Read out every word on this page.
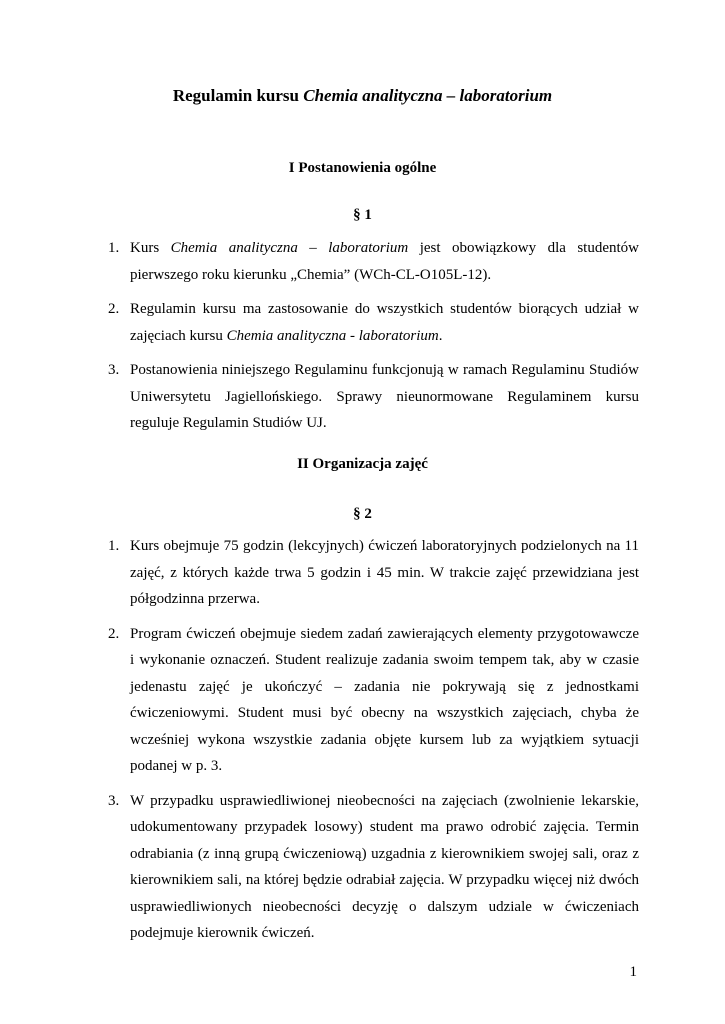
Regulamin kursu Chemia analityczna – laboratorium
I Postanowienia ogólne
§ 1
1. Kurs Chemia analityczna – laboratorium jest obowiązkowy dla studentów pierwszego roku kierunku „Chemia” (WCh-CL-O105L-12).
2. Regulamin kursu ma zastosowanie do wszystkich studentów biorących udział w zajęciach kursu Chemia analityczna - laboratorium.
3. Postanowienia niniejszego Regulaminu funkcjonują w ramach Regulaminu Studiów Uniwersytetu Jagiellońskiego. Sprawy nieunormowane Regulaminem kursu reguluje Regulamin Studiów UJ.
II Organizacja zajęć
§ 2
1. Kurs obejmuje 75 godzin (lekcyjnych) ćwiczeń laboratoryjnych podzielonych na 11 zajęć, z których każde trwa 5 godzin i 45 min. W trakcie zajęć przewidziana jest półgodzinna przerwa.
2. Program ćwiczeń obejmuje siedem zadań zawierających elementy przygotowawcze i wykonanie oznaczeń. Student realizuje zadania swoim tempem tak, aby w czasie jedenastu zajęć je ukończyć – zadania nie pokrywają się z jednostkami ćwiczeniowymi. Student musi być obecny na wszystkich zajęciach, chyba że wcześniej wykona wszystkie zadania objęte kursem lub za wyjątkiem sytuacji podanej w p. 3.
3. W przypadku usprawiedliwionej nieobecności na zajęciach (zwolnienie lekarskie, udokumentowany przypadek losowy) student ma prawo odrobić zajęcia. Termin odrabiania (z inną grupą ćwiczeniową) uzgadnia z kierownikiem swojej sali, oraz z kierownikiem sali, na której będzie odrabiał zajęcia. W przypadku więcej niż dwóch usprawiedliwionych nieobecności decyzję o dalszym udziale w ćwiczeniach podejmuje kierownik ćwiczeń.
1
